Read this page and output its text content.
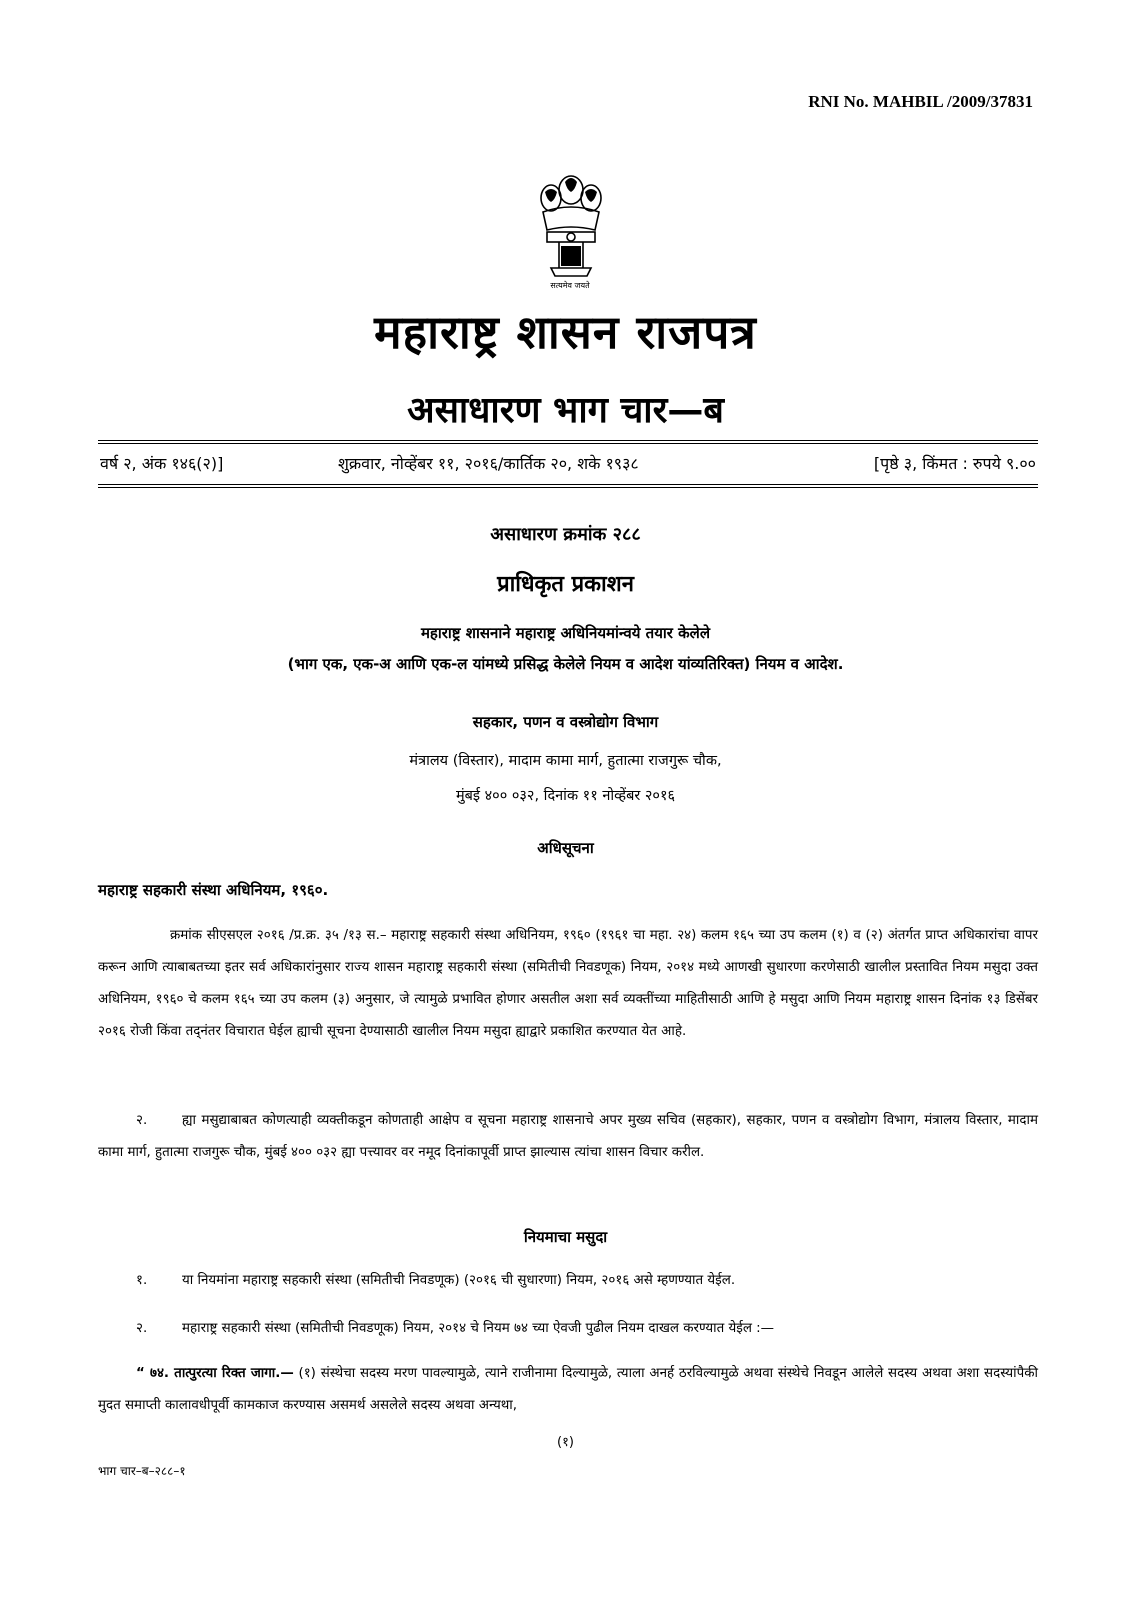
RNI No. MAHBIL /2009/37831
सत्यमेव जयते
महाराष्ट्र शासन राजपत्र
असाधारण भाग चार—ब
वर्ष २, अंक १४६(२)]	शुक्रवार, नोव्हेंबर ११, २०१६/कार्तिक २०, शके १९३८	[पृष्ठे ३, किंमत : रुपये ९.००
असाधारण क्रमांक २८८
प्राधिकृत प्रकाशन
महाराष्ट्र शासनाने महाराष्ट्र अधिनियमांन्वये तयार केलेले
(भाग एक, एक-अ आणि एक-ल यांमध्ये प्रसिद्ध केलेले नियम व आदेश यांव्यतिरिक्त) नियम व आदेश.
सहकार, पणन व वस्त्रोद्योग विभाग
मंत्रालय (विस्तार), मादाम कामा मार्ग, हुतात्मा राजगुरू चौक,
मुंबई ४०० ०३२, दिनांक ११ नोव्हेंबर २०१६
अधिसूचना
महाराष्ट्र सहकारी संस्था अधिनियम, १९६०.
क्रमांक सीएसएल २०१६ /प्र.क्र. ३५ /१३ स.– महाराष्ट्र सहकारी संस्था अधिनियम, १९६० (१९६१ चा महा. २४) कलम १६५ च्या उप कलम (१) व (२) अंतर्गत प्राप्त अधिकारांचा वापर करून आणि त्याबाबतच्या इतर सर्व अधिकारांनुसार राज्य शासन महाराष्ट्र सहकारी संस्था (समितीची निवडणूक) नियम, २०१४ मध्ये आणखी सुधारणा करणेसाठी खालील प्रस्तावित नियम मसुदा उक्त अधिनियम, १९६० चे कलम १६५ च्या उप कलम (३) अनुसार, जे त्यामुळे प्रभावित होणार असतील अशा सर्व व्यक्तींच्या माहितीसाठी आणि हे मसुदा आणि नियम महाराष्ट्र शासन दिनांक १३ डिसेंबर २०१६ रोजी किंवा तद्नंतर विचारात घेईल ह्याची सूचना देण्यासाठी खालील नियम मसुदा ह्याद्वारे प्रकाशित करण्यात येत आहे.
२.	ह्या मसुद्याबाबत कोणत्याही व्यक्तीकडून कोणताही आक्षेप व सूचना महाराष्ट्र शासनाचे अपर मुख्य सचिव (सहकार), सहकार, पणन व वस्त्रोद्योग विभाग, मंत्रालय विस्तार, मादाम कामा मार्ग, हुतात्मा राजगुरू चौक, मुंबई ४०० ०३२ ह्या पत्त्यावर वर नमूद दिनांकापूर्वी प्राप्त झाल्यास त्यांचा शासन विचार करील.
नियमाचा मसुदा
१.	या नियमांना महाराष्ट्र सहकारी संस्था (समितीची निवडणूक) (२०१६ ची सुधारणा) नियम, २०१६ असे म्हणण्यात येईल.
२.	महाराष्ट्र सहकारी संस्था (समितीची निवडणूक) नियम, २०१४ चे नियम ७४ च्या ऐवजी पुढील नियम दाखल करण्यात येईल :—
“ ७४. तात्पुरत्या रिक्त जागा.— (१) संस्थेचा सदस्य मरण पावल्यामुळे, त्याने राजीनामा दिल्यामुळे, त्याला अनर्ह ठरविल्यामुळे अथवा संस्थेचे निवडून आलेले सदस्य अथवा अशा सदस्यांपैकी मुदत समाप्ती कालावधीपूर्वी कामकाज करण्यास असमर्थ असलेले सदस्य अथवा अन्यथा,
(१)
भाग चार–ब–२८८–१
